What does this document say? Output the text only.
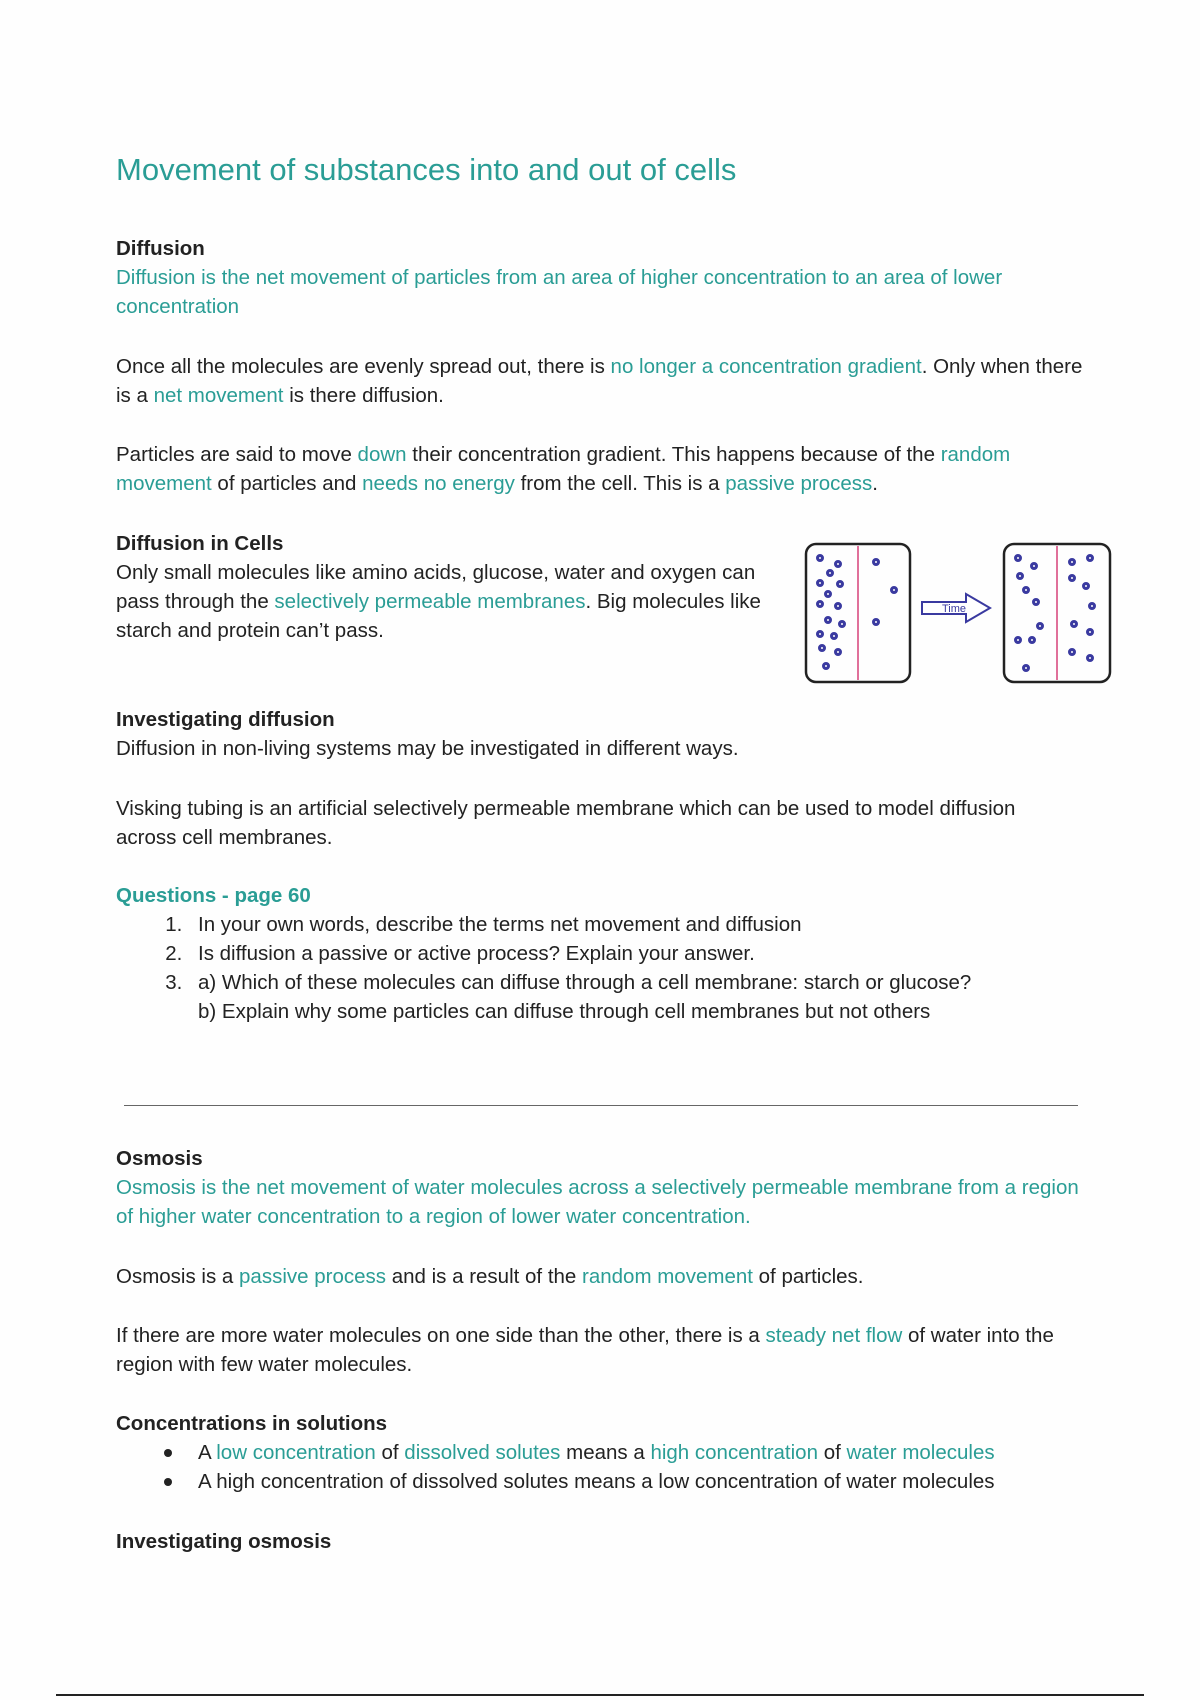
Movement of substances into and out of cells
Diffusion
Diffusion is the net movement of particles from an area of higher concentration to an area of lower concentration
Once all the molecules are evenly spread out, there is no longer a concentration gradient. Only when there is a net movement is there diffusion.
Particles are said to move down their concentration gradient. This happens because of the random movement of particles and needs no energy from the cell. This is a passive process.
Diffusion in Cells
Only small molecules like amino acids, glucose, water and oxygen can pass through the selectively permeable membranes. Big molecules like starch and protein can’t pass.
Time
Investigating diffusion
Diffusion in non-living systems may be investigated in different ways.
Visking tubing is an artificial selectively permeable membrane which can be used to model diffusion across cell membranes.
Questions - page 60
1. In your own words, describe the terms net movement and diffusion
2. Is diffusion a passive or active process? Explain your answer.
3. a) Which of these molecules can diffuse through a cell membrane: starch or glucose?
b) Explain why some particles can diffuse through cell membranes but not others
Osmosis
Osmosis is the net movement of water molecules across a selectively permeable membrane from a region of higher water concentration to a region of lower water concentration.
Osmosis is a passive process and is a result of the random movement of particles.
If there are more water molecules on one side than the other, there is a steady net flow of water into the region with few water molecules.
Concentrations in solutions
A low concentration of dissolved solutes means a high concentration of water molecules
A high concentration of dissolved solutes means a low concentration of water molecules
Investigating osmosis
